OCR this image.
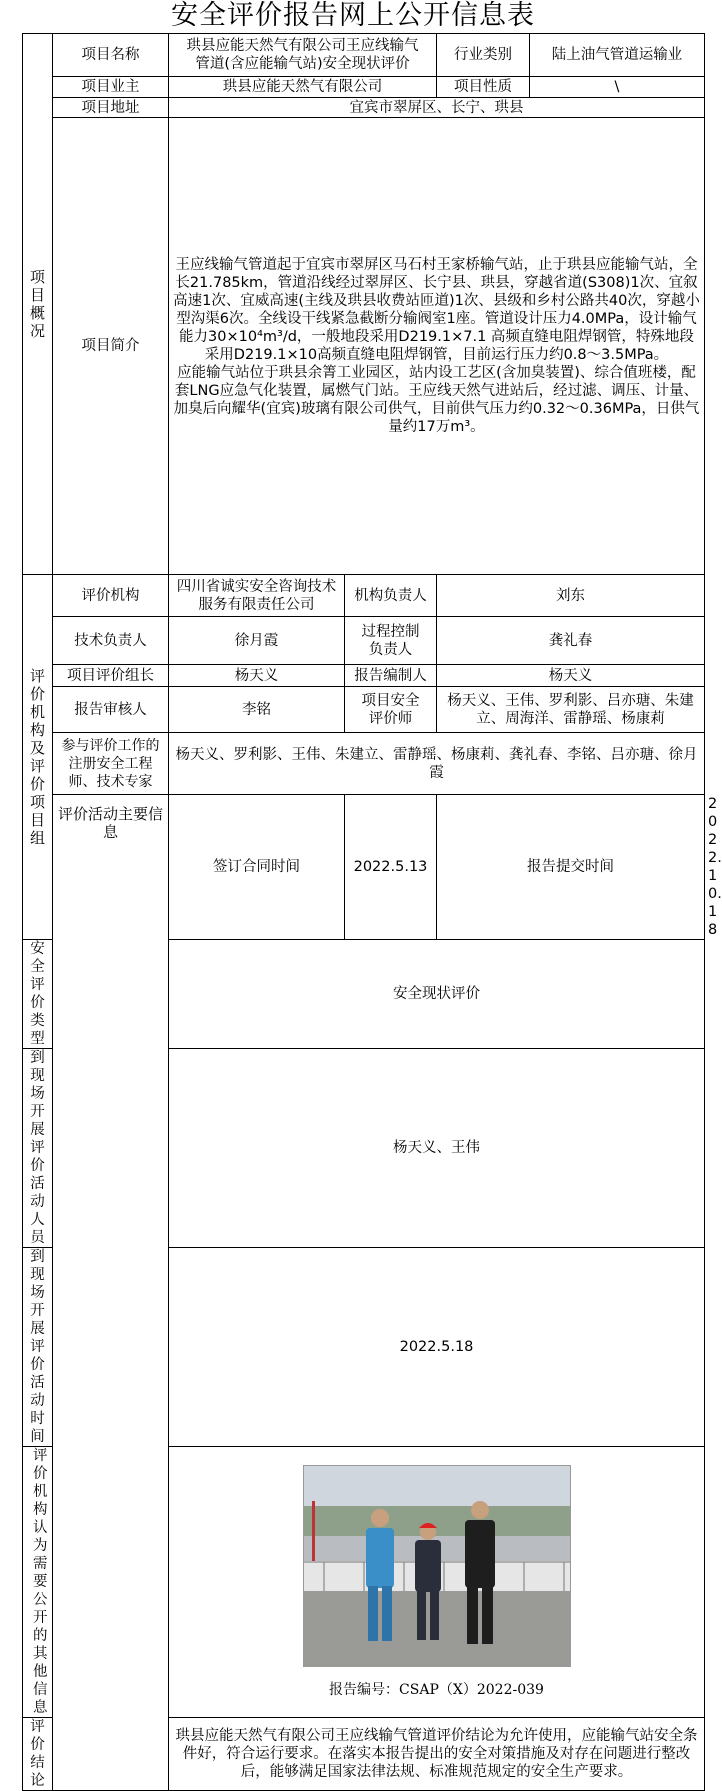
安全评价报告网上公开信息表
项目概况	项目名称	珙县应能天然气有限公司王应线输气管道(含应能输气站)安全现状评价		行业类别 陆上油气管道运输业	

	项目业主	珙县应能天然气有限公司		项目性质 \	

	项目地址	宜宾市翠屏区、长宁、珙县			
	项目简介	王应线输气管道起于宜宾市翠屏区马石村王家桥输气站，止于珙县应能输气站，全长21.785km，管道沿线经过翠屏区、长宁县、珙县，穿越省道(S308)1次、宜叙高速1次、宜威高速(主线及珙县收费站匝道)1次、县级和乡村公路共40次，穿越小型沟渠6次。全线设干线紧急截断分输阀室1座。管道设计压力4.0MPa，设计输气能力30×10⁴m³/d，一般地段采用D219.1×7.1 高频直缝电阻焊钢管，特殊地段采用D219.1×10高频直缝电阻焊钢管，目前运行压力约0.8～3.5MPa。

应能输气站位于珙县余箐工业园区，站内设工艺区(含加臭装置)、综合值班楼，配套LNG应急气化装置，属燃气门站。王应线天然气进站后，经过滤、调压、计量、加臭后向耀华(宜宾)玻璃有限公司供气，目前供气压力约0.32～0.36MPa，日供气量约17万m³。			

评价机构及评价项目组	评价机构	四川省诚实安全咨询技术服务有限责任公司	机构负责人	刘东	
	技术负责人	徐月霞	过程控制负责人	龚礼春	
	项目评价组长	杨天义	报告编制人	杨天义	
	报告审核人	李铭	项目安全评价师	杨天义、王伟、罗利影、吕亦瑭、朱建立、周海洋、雷静瑶、杨康莉	
	参与评价工作的注册安全工程师、技术专家	杨天义、罗利影、王伟、朱建立、雷静瑶、杨康莉、龚礼春、李铭、吕亦瑭、徐月霞			
	评价活动主要信息	签订合同时间	2022.5.13	报告提交时间	2022.10.18
安全评价类型		安全现状评价			
到现场开展评价活动人员		杨天义、王伟			
到现场开展评价活动时间		2022.5.18			
评价机构认为需要公开的其他信息		报告编号：CSAP（X）2022-039			

评价结论		珙县应能天然气有限公司王应线输气管道评价结论为允许使用，应能输气站安全条件好，符合运行要求。在落实本报告提出的安全对策措施及对存在问题进行整改后，能够满足国家法律法规、标准规范规定的安全生产要求。			
